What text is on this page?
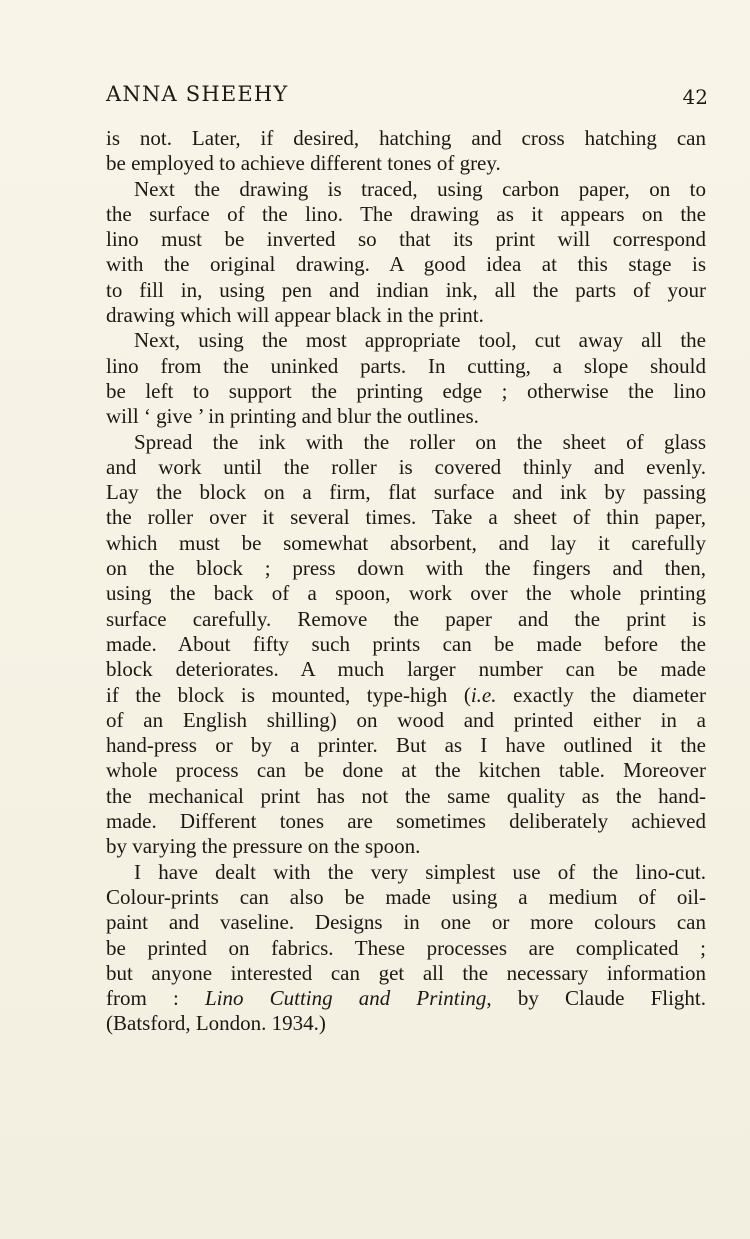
ANNA SHEEHY	42
is not. Later, if desired, hatching and cross hatching can
be employed to achieve different tones of grey.
Next the drawing is traced, using carbon paper, on to
the surface of the lino. The drawing as it appears on the
lino must be inverted so that its print will correspond
with the original drawing. A good idea at this stage is
to fill in, using pen and indian ink, all the parts of your
drawing which will appear black in the print.
Next, using the most appropriate tool, cut away all the
lino from the uninked parts. In cutting, a slope should
be left to support the printing edge ; otherwise the lino
will ‘ give ’ in printing and blur the outlines.
Spread the ink with the roller on the sheet of glass
and work until the roller is covered thinly and evenly.
Lay the block on a firm, flat surface and ink by passing
the roller over it several times. Take a sheet of thin paper,
which must be somewhat absorbent, and lay it carefully
on the block ; press down with the fingers and then,
using the back of a spoon, work over the whole printing
surface carefully. Remove the paper and the print is
made. About fifty such prints can be made before the
block deteriorates. A much larger number can be made
if the block is mounted, type-high (i.e. exactly the diameter
of an English shilling) on wood and printed either in a
hand-press or by a printer. But as I have outlined it the
whole process can be done at the kitchen table. Moreover
the mechanical print has not the same quality as the hand-
made. Different tones are sometimes deliberately achieved
by varying the pressure on the spoon.
I have dealt with the very simplest use of the lino-cut.
Colour-prints can also be made using a medium of oil-
paint and vaseline. Designs in one or more colours can
be printed on fabrics. These processes are complicated ;
but anyone interested can get all the necessary information
from : Lino Cutting and Printing, by Claude Flight.
(Batsford, London. 1934.)
